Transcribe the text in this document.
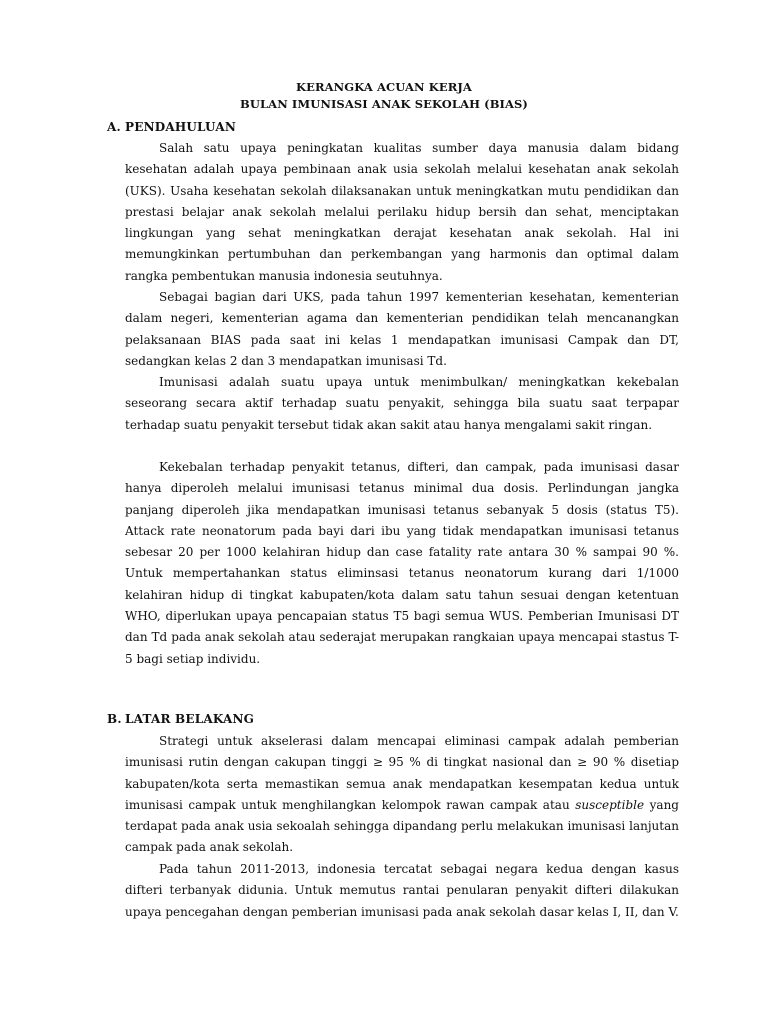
KERANGKA ACUAN KERJA
BULAN IMUNISASI ANAK SEKOLAH (BIAS)
A. PENDAHULUAN
Salah satu upaya peningkatan kualitas sumber daya manusia dalam bidang kesehatan adalah upaya pembinaan anak usia sekolah melalui kesehatan anak sekolah (UKS). Usaha kesehatan sekolah dilaksanakan untuk meningkatkan mutu pendidikan dan prestasi belajar anak sekolah melalui perilaku hidup bersih dan sehat, menciptakan lingkungan yang sehat meningkatkan derajat kesehatan anak sekolah. Hal ini memungkinkan pertumbuhan dan perkembangan yang harmonis dan optimal dalam rangka pembentukan manusia indonesia seutuhnya.
Sebagai bagian dari UKS, pada tahun 1997 kementerian kesehatan, kementerian dalam negeri, kementerian agama dan kementerian pendidikan telah mencanangkan pelaksanaan BIAS pada saat ini kelas 1 mendapatkan imunisasi Campak dan DT, sedangkan kelas 2 dan 3 mendapatkan imunisasi Td.
Imunisasi adalah suatu upaya untuk menimbulkan/ meningkatkan kekebalan seseorang secara aktif terhadap suatu penyakit, sehingga bila suatu saat terpapar terhadap suatu penyakit tersebut tidak akan sakit atau hanya mengalami sakit ringan.
Kekebalan terhadap penyakit tetanus, difteri, dan campak, pada imunisasi dasar hanya diperoleh melalui imunisasi tetanus minimal dua dosis. Perlindungan jangka panjang diperoleh jika mendapatkan imunisasi tetanus sebanyak 5 dosis (status T5). Attack rate neonatorum pada bayi dari ibu yang tidak mendapatkan imunisasi tetanus sebesar 20 per 1000 kelahiran hidup dan case fatality rate antara 30 % sampai 90 %. Untuk mempertahankan status eliminsasi tetanus neonatorum kurang dari 1/1000 kelahiran hidup di tingkat kabupaten/kota dalam satu tahun sesuai dengan ketentuan WHO, diperlukan upaya pencapaian status T5 bagi semua WUS. Pemberian Imunisasi DT dan Td pada anak sekolah atau sederajat merupakan rangkaian upaya mencapai stastus T-5 bagi setiap individu.
B. LATAR BELAKANG
Strategi untuk akselerasi dalam mencapai eliminasi campak adalah pemberian imunisasi rutin dengan cakupan tinggi ≥ 95 % di tingkat nasional dan ≥ 90 % disetiap kabupaten/kota serta memastikan semua anak mendapatkan kesempatan kedua untuk imunisasi campak untuk menghilangkan kelompok rawan campak atau susceptible yang terdapat pada anak usia sekoalah sehingga dipandang perlu melakukan imunisasi lanjutan campak pada anak sekolah.
Pada tahun 2011-2013, indonesia tercatat sebagai negara kedua dengan kasus difteri terbanyak didunia. Untuk memutus rantai penularan penyakit difteri dilakukan upaya pencegahan dengan pemberian imunisasi pada anak sekolah dasar kelas I, II, dan V.
